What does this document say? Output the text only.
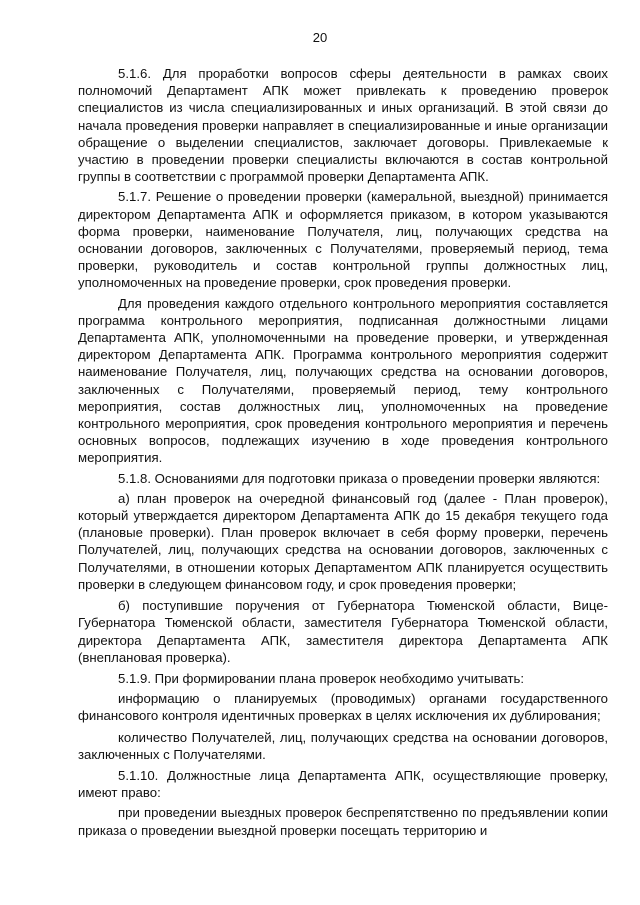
20

5.1.6. Для проработки вопросов сферы деятельности в рамках своих полномочий Департамент АПК может привлекать к проведению проверок специалистов из числа специализированных и иных организаций. В этой связи до начала проведения проверки направляет в специализированные и иные организации обращение о выделении специалистов, заключает договоры. Привлекаемые к участию в проведении проверки специалисты включаются в состав контрольной группы в соответствии с программой проверки Департамента АПК.

5.1.7. Решение о проведении проверки (камеральной, выездной) принимается директором Департамента АПК и оформляется приказом, в котором указываются форма проверки, наименование Получателя, лиц, получающих средства на основании договоров, заключенных с Получателями, проверяемый период, тема проверки, руководитель и состав контрольной группы должностных лиц, уполномоченных на проведение проверки, срок проведения проверки.

Для проведения каждого отдельного контрольного мероприятия составляется программа контрольного мероприятия, подписанная должностными лицами Департамента АПК, уполномоченными на проведение проверки, и утвержденная директором Департамента АПК. Программа контрольного мероприятия содержит наименование Получателя, лиц, получающих средства на основании договоров, заключенных с Получателями, проверяемый период, тему контрольного мероприятия, состав должностных лиц, уполномоченных на проведение контрольного мероприятия, срок проведения контрольного мероприятия и перечень основных вопросов, подлежащих изучению в ходе проведения контрольного мероприятия.

5.1.8. Основаниями для подготовки приказа о проведении проверки являются:

а) план проверок на очередной финансовый год (далее - План проверок), который утверждается директором Департамента АПК до 15 декабря текущего года (плановые проверки). План проверок включает в себя форму проверки, перечень Получателей, лиц, получающих средства на основании договоров, заключенных с Получателями, в отношении которых Департаментом АПК планируется осуществить проверки в следующем финансовом году, и срок проведения проверки;

б) поступившие поручения от Губернатора Тюменской области, Вице-Губернатора Тюменской области, заместителя Губернатора Тюменской области, директора Департамента АПК, заместителя директора Департамента АПК (внеплановая проверка).

5.1.9. При формировании плана проверок необходимо учитывать:

информацию о планируемых (проводимых) органами государственного финансового контроля идентичных проверках в целях исключения их дублирования;

количество Получателей, лиц, получающих средства на основании договоров, заключенных с Получателями.

5.1.10. Должностные лица Департамента АПК, осуществляющие проверку, имеют право:

при проведении выездных проверок беспрепятственно по предъявлении копии приказа о проведении выездной проверки посещать территорию и
